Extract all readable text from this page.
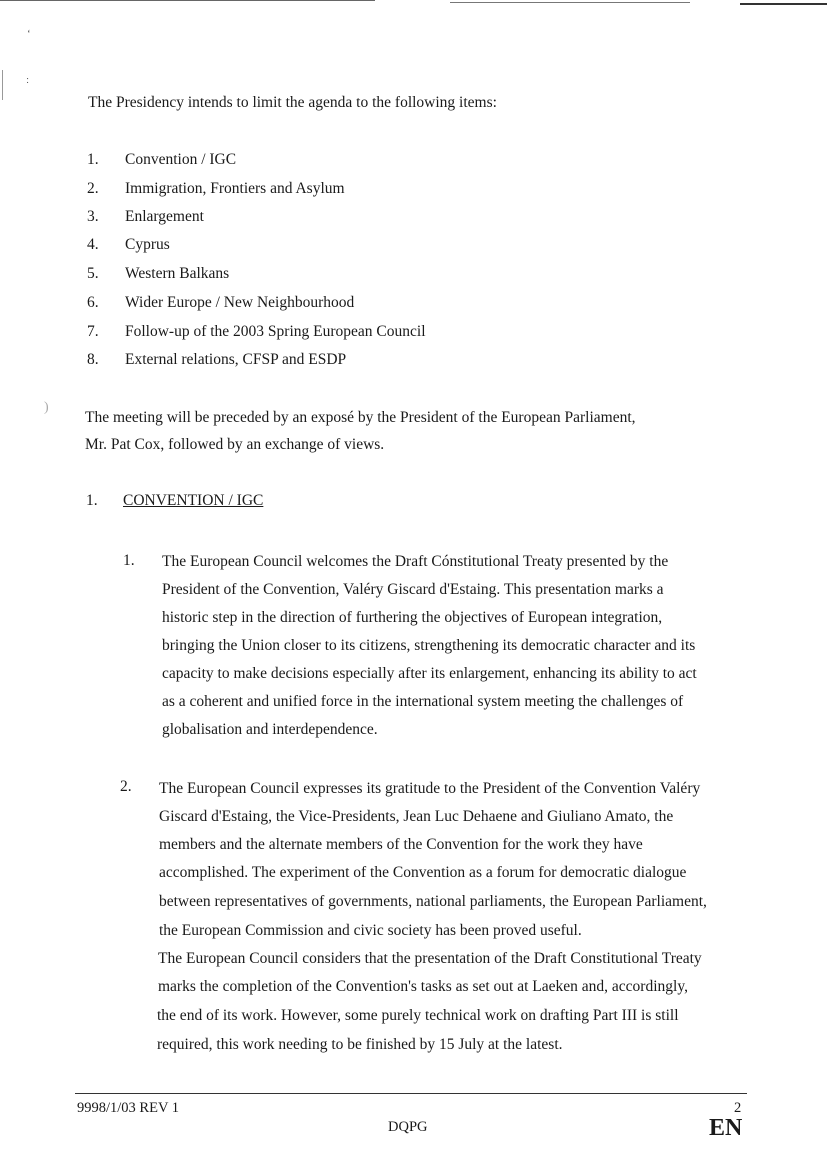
ʻ
˸
)
The Presidency intends to limit the agenda to the following items:
1. Convention / IGC
2. Immigration, Frontiers and Asylum
3. Enlargement
4. Cyprus
5. Western Balkans
6. Wider Europe / New Neighbourhood
7. Follow-up of the 2003 Spring European Council
8. External relations, CFSP and ESDP
The meeting will be preceded by an exposé by the President of the European Parliament,
Mr. Pat Cox, followed by an exchange of views.
1. CONVENTION / IGC
1. The European Council welcomes the Draft Cónstitutional Treaty presented by the
President of the Convention, Valéry Giscard d'Estaing. This presentation marks a
historic step in the direction of furthering the objectives of European integration,
bringing the Union closer to its citizens, strengthening its democratic character and its
capacity to make decisions especially after its enlargement, enhancing its ability to act
as a coherent and unified force in the international system meeting the challenges of
globalisation and interdependence.
2. The European Council expresses its gratitude to the President of the Convention Valéry
Giscard d'Estaing, the Vice-Presidents, Jean Luc Dehaene and Giuliano Amato, the
members and the alternate members of the Convention for the work they have
accomplished. The experiment of the Convention as a forum for democratic dialogue
between representatives of governments, national parliaments, the European Parliament,
the European Commission and civic society has been proved useful.
The European Council considers that the presentation of the Draft Constitutional Treaty
marks the completion of the Convention's tasks as set out at Laeken and, accordingly,
the end of its work. However, some purely technical work on drafting Part III is still
required, this work needing to be finished by 15 July at the latest.
9998/1/03 REV 1
DQPG
2
EN
